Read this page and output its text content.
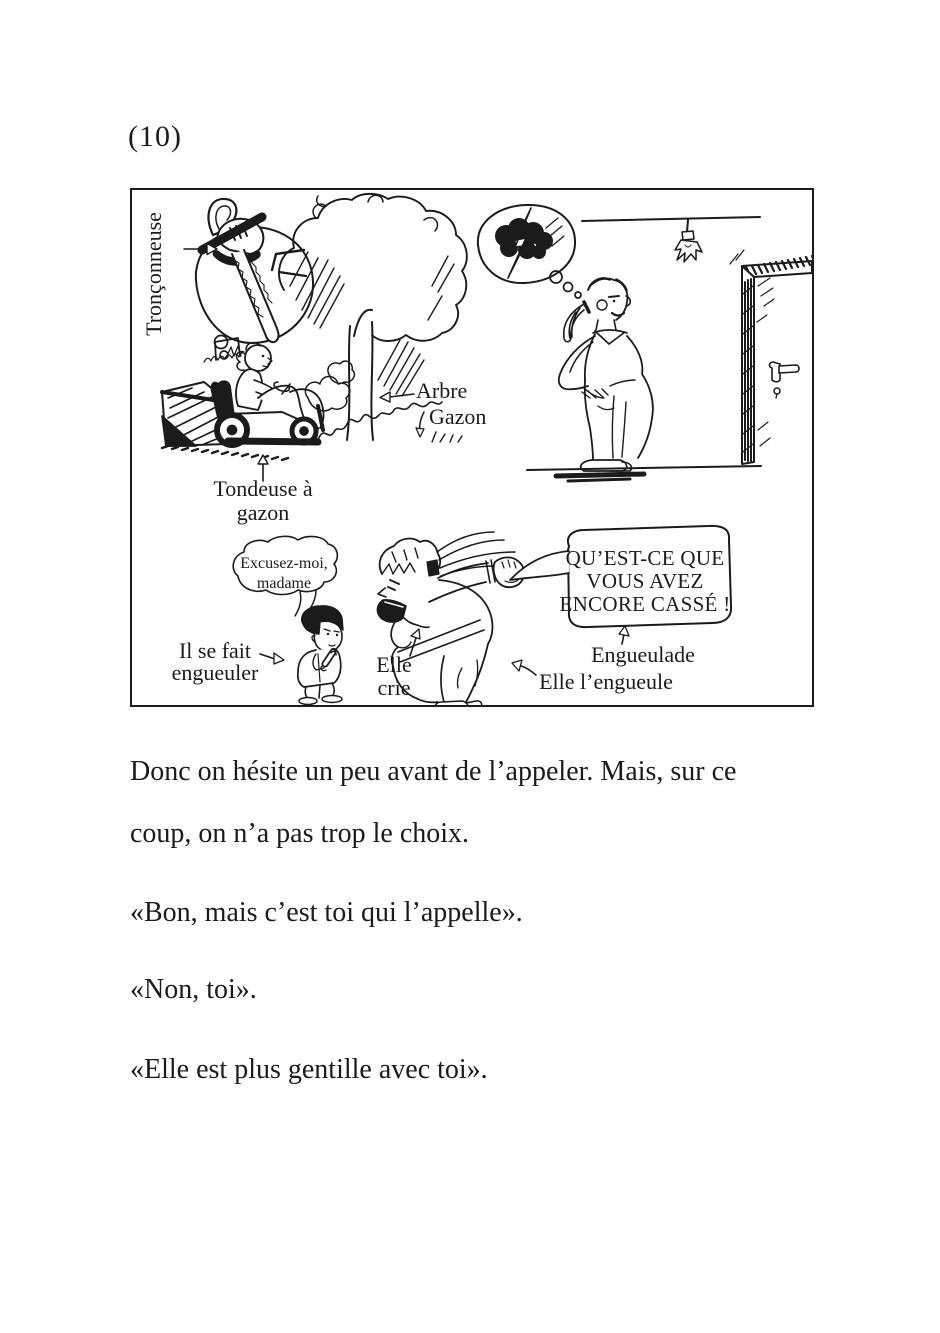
(10)
Tronçonneuse
Arbre
Gazon
Tondeuse à
gazon
Excusez-moi,
madame
Il se fait
engueuler	Elle
crie
QU’EST-CE QUE
VOUS AVEZ
ENCORE CASSÉ !
Engueulade
Elle l’engueule

Donc on hésite un peu avant de l’appeler. Mais, sur ce
coup, on n’a pas trop le choix.

«Bon, mais c’est toi qui l’appelle».

«Non, toi».

«Elle est plus gentille avec toi».
